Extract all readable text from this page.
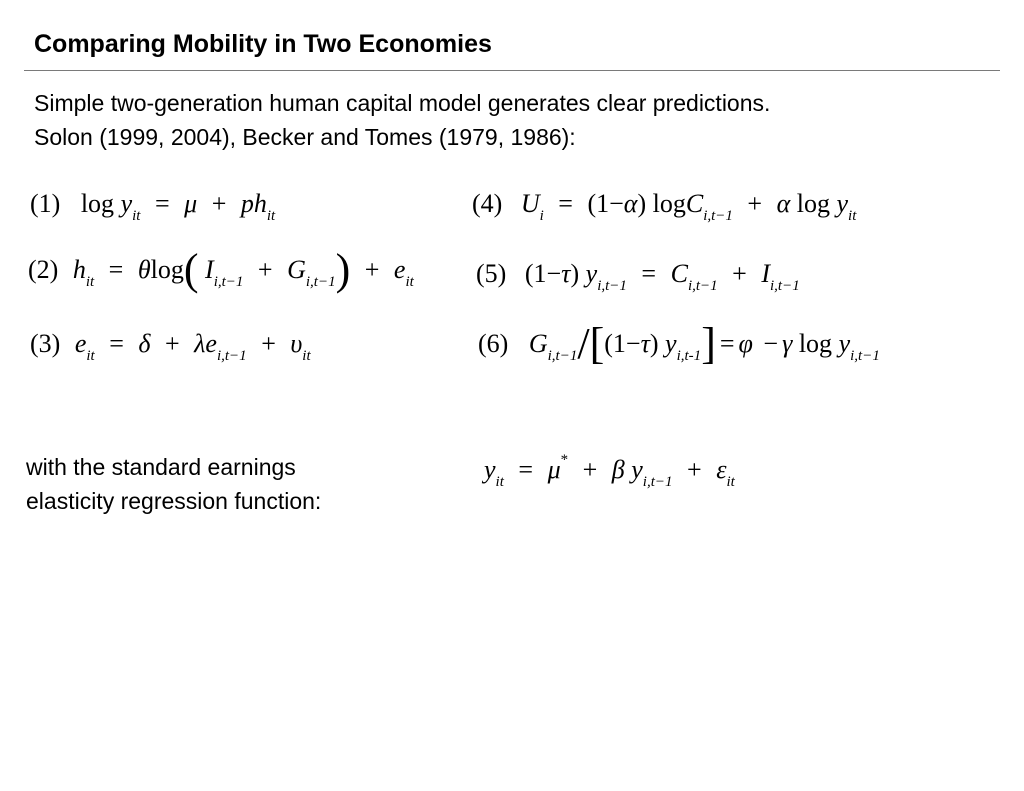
Comparing Mobility in Two Economies
Simple two-generation human capital model generates clear predictions.
Solon (1999, 2004), Becker and Tomes (1979, 1986):
(1) $\log y_{it} = \mu + ph_{it}$
(2) $h_{it} = \theta\log$( $I_{i,t-1} + G_{i,t-1}) + e_{it}$
(3) $e_{it} = \delta + \lambda e_{i,t-1} + \upsilon_{it}$
(4) $U_i = (1-\alpha) \log C_{i,t-1} + \alpha$ $\log y_{it}$
(5) (1−τ) $y_{i,t-1} = C_{i,t-1} + I_{i,t-1}$
(6) $G_{i,t-1}/[(1-\tau) y_{i,t-1}] = \varphi - \gamma$ $\log y_{i,t-1}$
with the standard earnings
elasticity regression function:
$y_{it} = \mu^* + \beta$ $y_{i,t-1} + \varepsilon_{it}$
